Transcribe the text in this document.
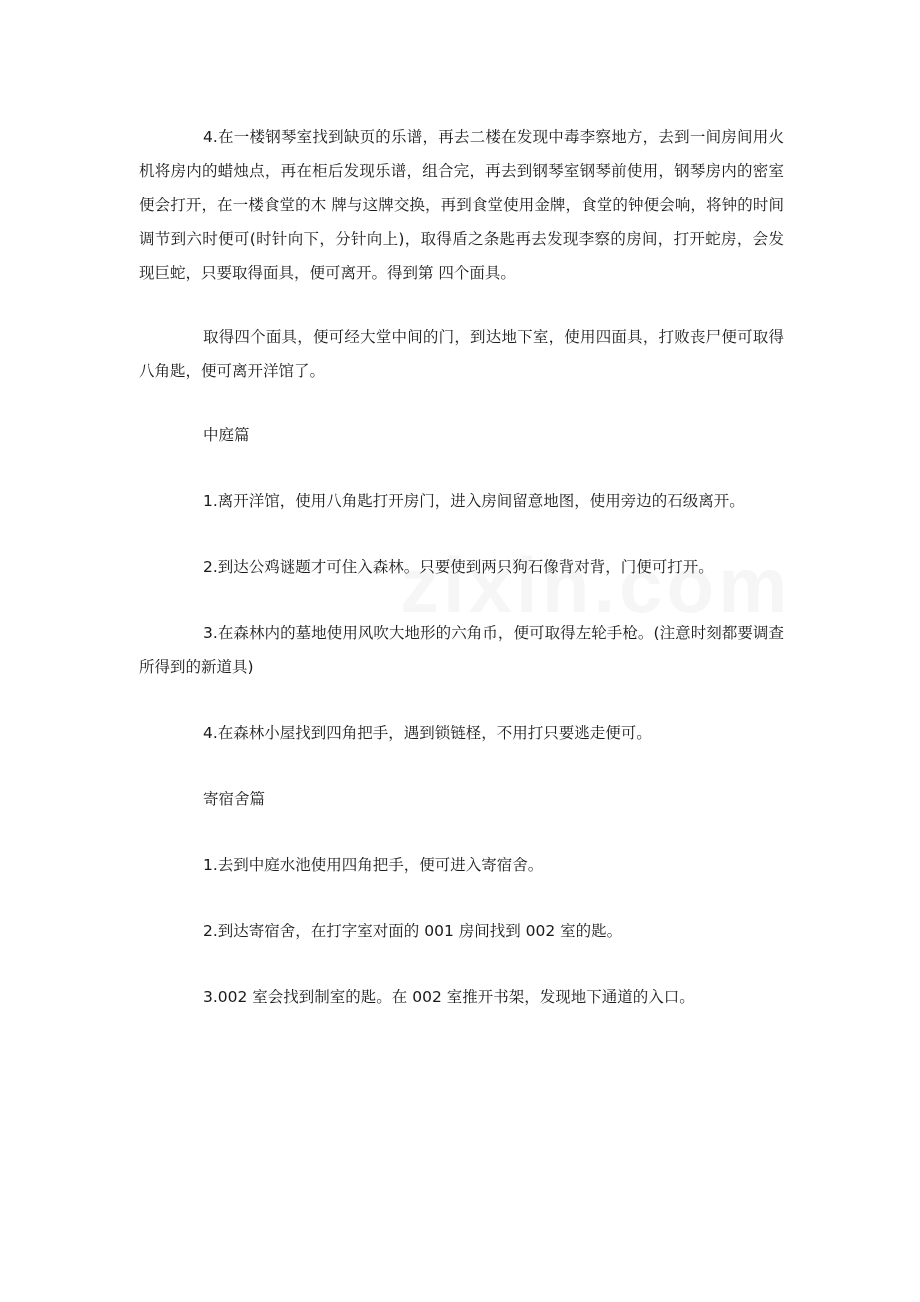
4.在一楼钢琴室找到缺页的乐谱，再去二楼在发现中毒李察地方，去到一间房间用火机将房内的蜡烛点，再在柜后发现乐谱，组合完，再去到钢琴室钢琴前使用，钢琴房内的密室便会打开，在一楼食堂的木 牌与这牌交换，再到食堂使用金牌，食堂的钟便会响，将钟的时间调节到六时便可(时针向下，分针向上)，取得盾之条匙再去发现李察的房间，打开蛇房，会发现巨蛇，只要取得面具，便可离开。得到第 四个面具。

取得四个面具，便可经大堂中间的门，到达地下室，使用四面具，打败丧尸便可取得八角匙，便可离开洋馆了。

中庭篇

1.离开洋馆，使用八角匙打开房门，进入房间留意地图，使用旁边的石级离开。

2.到达公鸡谜题才可住入森林。只要使到两只狗石像背对背，门便可打开。

3.在森林内的墓地使用风吹大地形的六角币，便可取得左轮手枪。(注意时刻都要调查所得到的新道具)

4.在森林小屋找到四角把手，遇到锁链柽，不用打只要逃走便可。

寄宿舍篇

1.去到中庭水池使用四角把手，便可进入寄宿舍。

2.到达寄宿舍，在打字室对面的 001 房间找到 002 室的匙。

3.002 室会找到制室的匙。在 002 室推开书架，发现地下通道的入口。
